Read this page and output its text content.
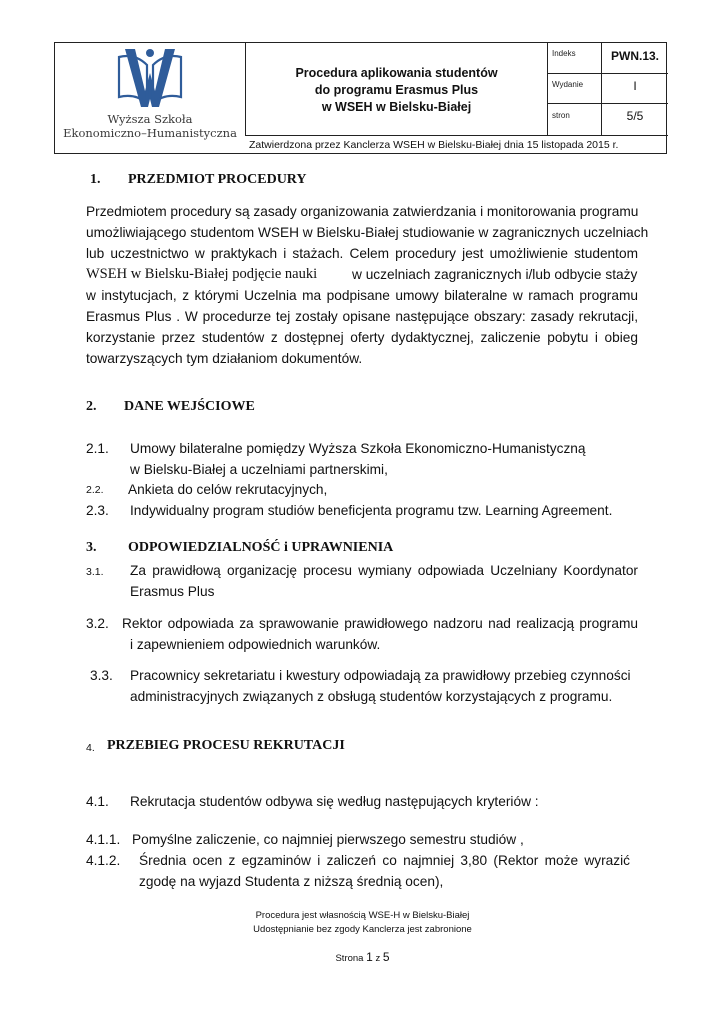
Wyższa Szkoła
Ekonomiczno–Humanistyczna
Procedura aplikowania studentów
do programu Erasmus Plus
w WSEH w Bielsku-Białej
Indeks	PWN.13.
Wydanie	I
stron	5/5
Zatwierdzona przez Kanclerza WSEH w Bielsku-Białej dnia 15 listopada 2015 r.
1. PRZEDMIOT PROCEDURY
Przedmiotem procedury są zasady organizowania zatwierdzania i monitorowania programu
umożliwiającego studentom WSEH w Bielsku-Białej studiowanie w zagranicznych uczelniach
lub uczestnictwo w praktykach i stażach. Celem procedury jest umożliwienie studentom
WSEH w Bielsku-Białej podjęcie nauki	w uczelniach zagranicznych i/lub odbycie staży
w instytucjach, z którymi Uczelnia ma podpisane umowy bilateralne w ramach programu
Erasmus Plus . W procedurze tej zostały opisane następujące obszary: zasady rekrutacji,
korzystanie przez studentów z dostępnej oferty dydaktycznej, zaliczenie pobytu i obieg
towarzyszących tym działaniom dokumentów.
2. DANE WEJŚCIOWE
2.1. Umowy bilateralne pomiędzy Wyższa Szkoła Ekonomiczno-Humanistyczną
w Bielsku-Białej a uczelniami partnerskimi,
2.2. Ankieta do celów rekrutacyjnych,
2.3. Indywidualny program studiów beneficjenta programu tzw. Learning Agreement.
3. ODPOWIEDZIALNOŚĆ i UPRAWNIENIA
3.1. Za prawidłową organizację procesu wymiany odpowiada Uczelniany Koordynator
Erasmus Plus
3.2. Rektor odpowiada za sprawowanie prawidłowego nadzoru nad realizacją programu
i zapewnieniem odpowiednich warunków.
3.3. Pracownicy sekretariatu i kwestury odpowiadają za prawidłowy przebieg czynności
administracyjnych związanych z obsługą studentów korzystających z programu.
4. PRZEBIEG PROCESU REKRUTACJI
4.1. Rekrutacja studentów odbywa się według następujących kryteriów :
4.1.1. Pomyślne zaliczenie, co najmniej pierwszego semestru studiów ,
4.1.2. Średnia ocen z egzaminów i zaliczeń co najmniej 3,80 (Rektor może wyrazić
zgodę na wyjazd Studenta z niższą średnią ocen),
Procedura jest własnością WSE-H w Bielsku-Białej
Udostępnianie bez zgody Kanclerza jest zabronione
Strona 1 z 5
